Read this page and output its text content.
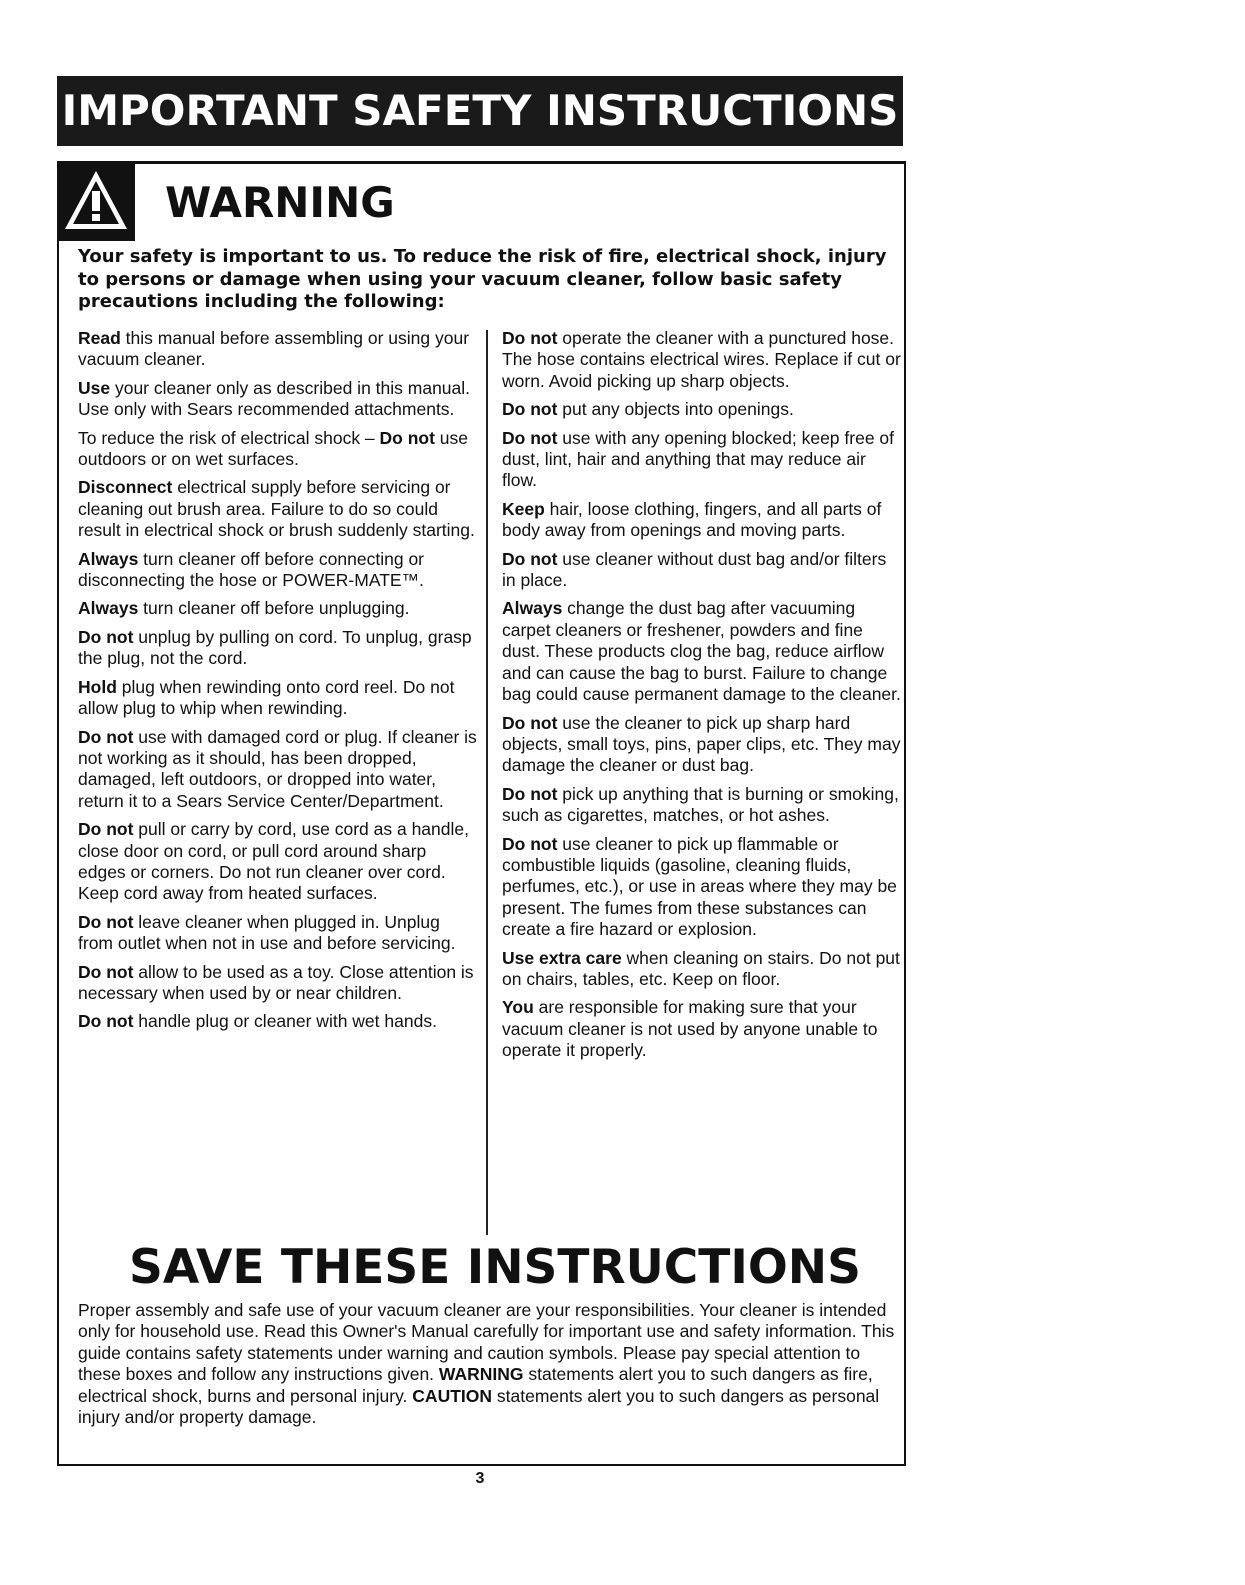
IMPORTANT SAFETY INSTRUCTIONS
WARNING

Your safety is important to us. To reduce the risk of fire, electrical shock, injury to persons or damage when using your vacuum cleaner, follow basic safety precautions including the following:

Read this manual before assembling or using your vacuum cleaner.

Use your cleaner only as described in this manual. Use only with Sears recommended attachments.

To reduce the risk of electrical shock – Do not use outdoors or on wet surfaces.

Disconnect electrical supply before servicing or cleaning out brush area. Failure to do so could result in electrical shock or brush suddenly starting.

Always turn cleaner off before connecting or disconnecting the hose or POWER-MATE™.

Always turn cleaner off before unplugging.

Do not unplug by pulling on cord. To unplug, grasp the plug, not the cord.

Hold plug when rewinding onto cord reel. Do not allow plug to whip when rewinding.

Do not use with damaged cord or plug. If cleaner is not working as it should, has been dropped, damaged, left outdoors, or dropped into water, return it to a Sears Service Center/Department.

Do not pull or carry by cord, use cord as a handle, close door on cord, or pull cord around sharp edges or corners. Do not run cleaner over cord. Keep cord away from heated surfaces.

Do not leave cleaner when plugged in. Unplug from outlet when not in use and before servicing.

Do not allow to be used as a toy. Close attention is necessary when used by or near children.

Do not handle plug or cleaner with wet hands.

Do not operate the cleaner with a punctured hose. The hose contains electrical wires. Replace if cut or worn. Avoid picking up sharp objects.

Do not put any objects into openings.

Do not use with any opening blocked; keep free of dust, lint, hair and anything that may reduce air flow.

Keep hair, loose clothing, fingers, and all parts of body away from openings and moving parts.

Do not use cleaner without dust bag and/or filters in place.

Always change the dust bag after vacuuming carpet cleaners or freshener, powders and fine dust. These products clog the bag, reduce airflow and can cause the bag to burst. Failure to change bag could cause permanent damage to the cleaner.

Do not use the cleaner to pick up sharp hard objects, small toys, pins, paper clips, etc. They may damage the cleaner or dust bag.

Do not pick up anything that is burning or smoking, such as cigarettes, matches, or hot ashes.

Do not use cleaner to pick up flammable or combustible liquids (gasoline, cleaning fluids, perfumes, etc.), or use in areas where they may be present. The fumes from these substances can create a fire hazard or explosion.

Use extra care when cleaning on stairs. Do not put on chairs, tables, etc. Keep on floor.

You are responsible for making sure that your vacuum cleaner is not used by anyone unable to operate it properly.

SAVE THESE INSTRUCTIONS

Proper assembly and safe use of your vacuum cleaner are your responsibilities. Your cleaner is intended only for household use. Read this Owner's Manual carefully for important use and safety information. This guide contains safety statements under warning and caution symbols. Please pay special attention to these boxes and follow any instructions given. WARNING statements alert you to such dangers as fire, electrical shock, burns and personal injury. CAUTION statements alert you to such dangers as personal injury and/or property damage.

3
